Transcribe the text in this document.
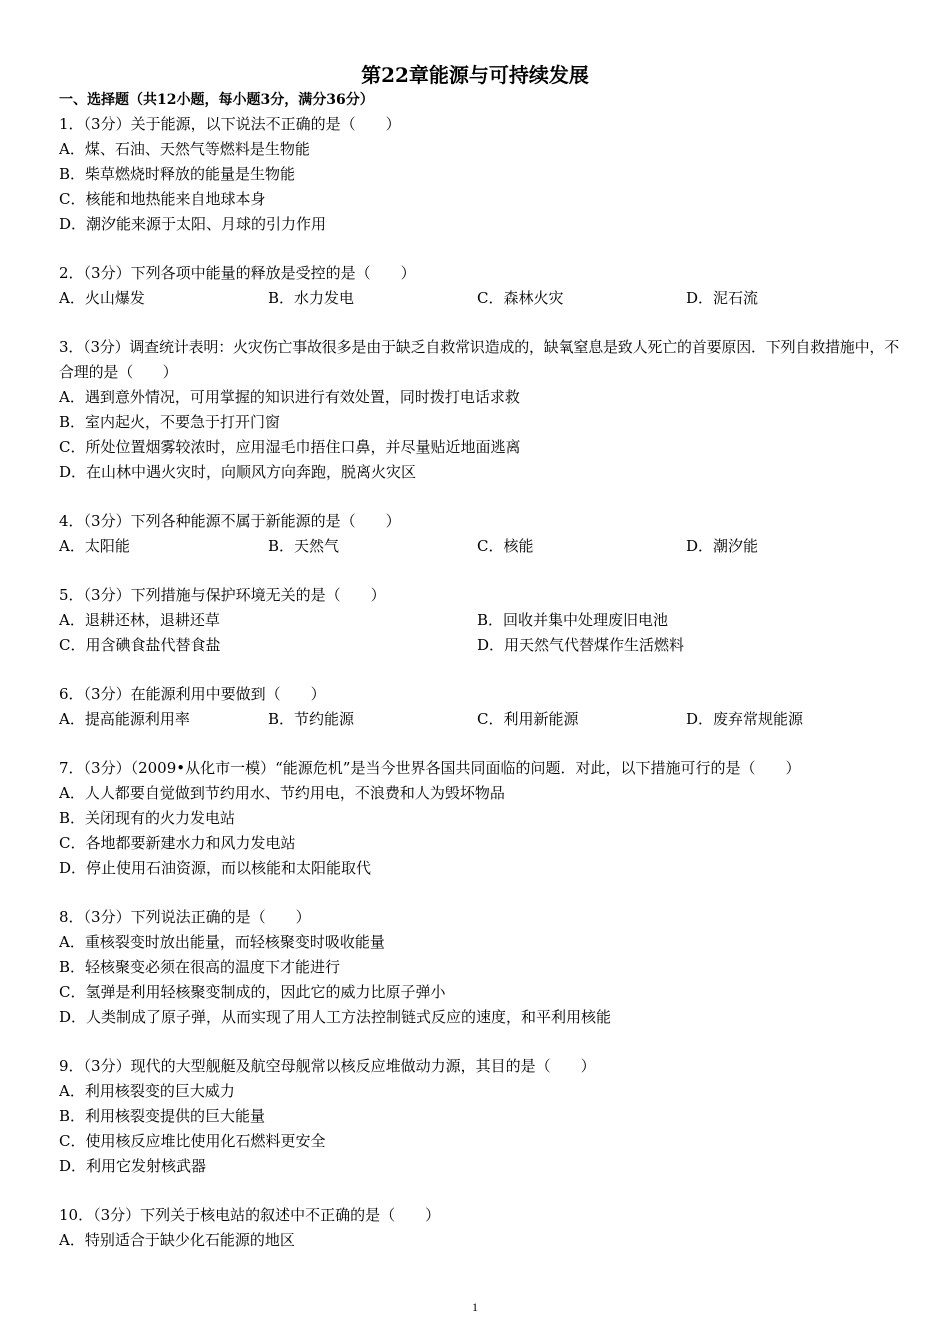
第22章能源与可持续发展
一、选择题（共12小题，每小题3分，满分36分）
1．（3分）关于能源，以下说法不正确的是（　　）
A．煤、石油、天然气等燃料是生物能
B．柴草燃烧时释放的能量是生物能
C．核能和地热能来自地球本身
D．潮汐能来源于太阳、月球的引力作用
2．（3分）下列各项中能量的释放是受控的是（　　）
A．火山爆发	B．水力发电	C．森林火灾	D．泥石流
3．（3分）调查统计表明：火灾伤亡事故很多是由于缺乏自救常识造成的，缺氧窒息是致人死亡的首要原因．下列自救措施中，不合理的是（　　）
A．遇到意外情况，可用掌握的知识进行有效处置，同时拨打电话求救
B．室内起火，不要急于打开门窗
C．所处位置烟雾较浓时，应用湿毛巾捂住口鼻，并尽量贴近地面逃离
D．在山林中遇火灾时，向顺风方向奔跑，脱离火灾区
4．（3分）下列各种能源不属于新能源的是（　　）
A．太阳能	B．天然气	C．核能	D．潮汐能
5．（3分）下列措施与保护环境无关的是（　　）
A．退耕还林，退耕还草	B．回收并集中处理废旧电池
C．用含碘食盐代替食盐	D．用天然气代替煤作生活燃料
6．（3分）在能源利用中要做到（　　）
A．提高能源利用率	B．节约能源	C．利用新能源	D．废弃常规能源
7．（3分）（2009•从化市一模）“能源危机”是当今世界各国共同面临的问题．对此，以下措施可行的是（　　）
A．人人都要自觉做到节约用水、节约用电，不浪费和人为毁坏物品
B．关闭现有的火力发电站
C．各地都要新建水力和风力发电站
D．停止使用石油资源，而以核能和太阳能取代
8．（3分）下列说法正确的是（　　）
A．重核裂变时放出能量，而轻核聚变时吸收能量
B．轻核聚变必须在很高的温度下才能进行
C．氢弹是利用轻核聚变制成的，因此它的威力比原子弹小
D．人类制成了原子弹，从而实现了用人工方法控制链式反应的速度，和平利用核能
9．（3分）现代的大型舰艇及航空母舰常以核反应堆做动力源，其目的是（　　）
A．利用核裂变的巨大威力
B．利用核裂变提供的巨大能量
C．使用核反应堆比使用化石燃料更安全
D．利用它发射核武器
10．（3分）下列关于核电站的叙述中不正确的是（　　）
A．特别适合于缺少化石能源的地区
1
